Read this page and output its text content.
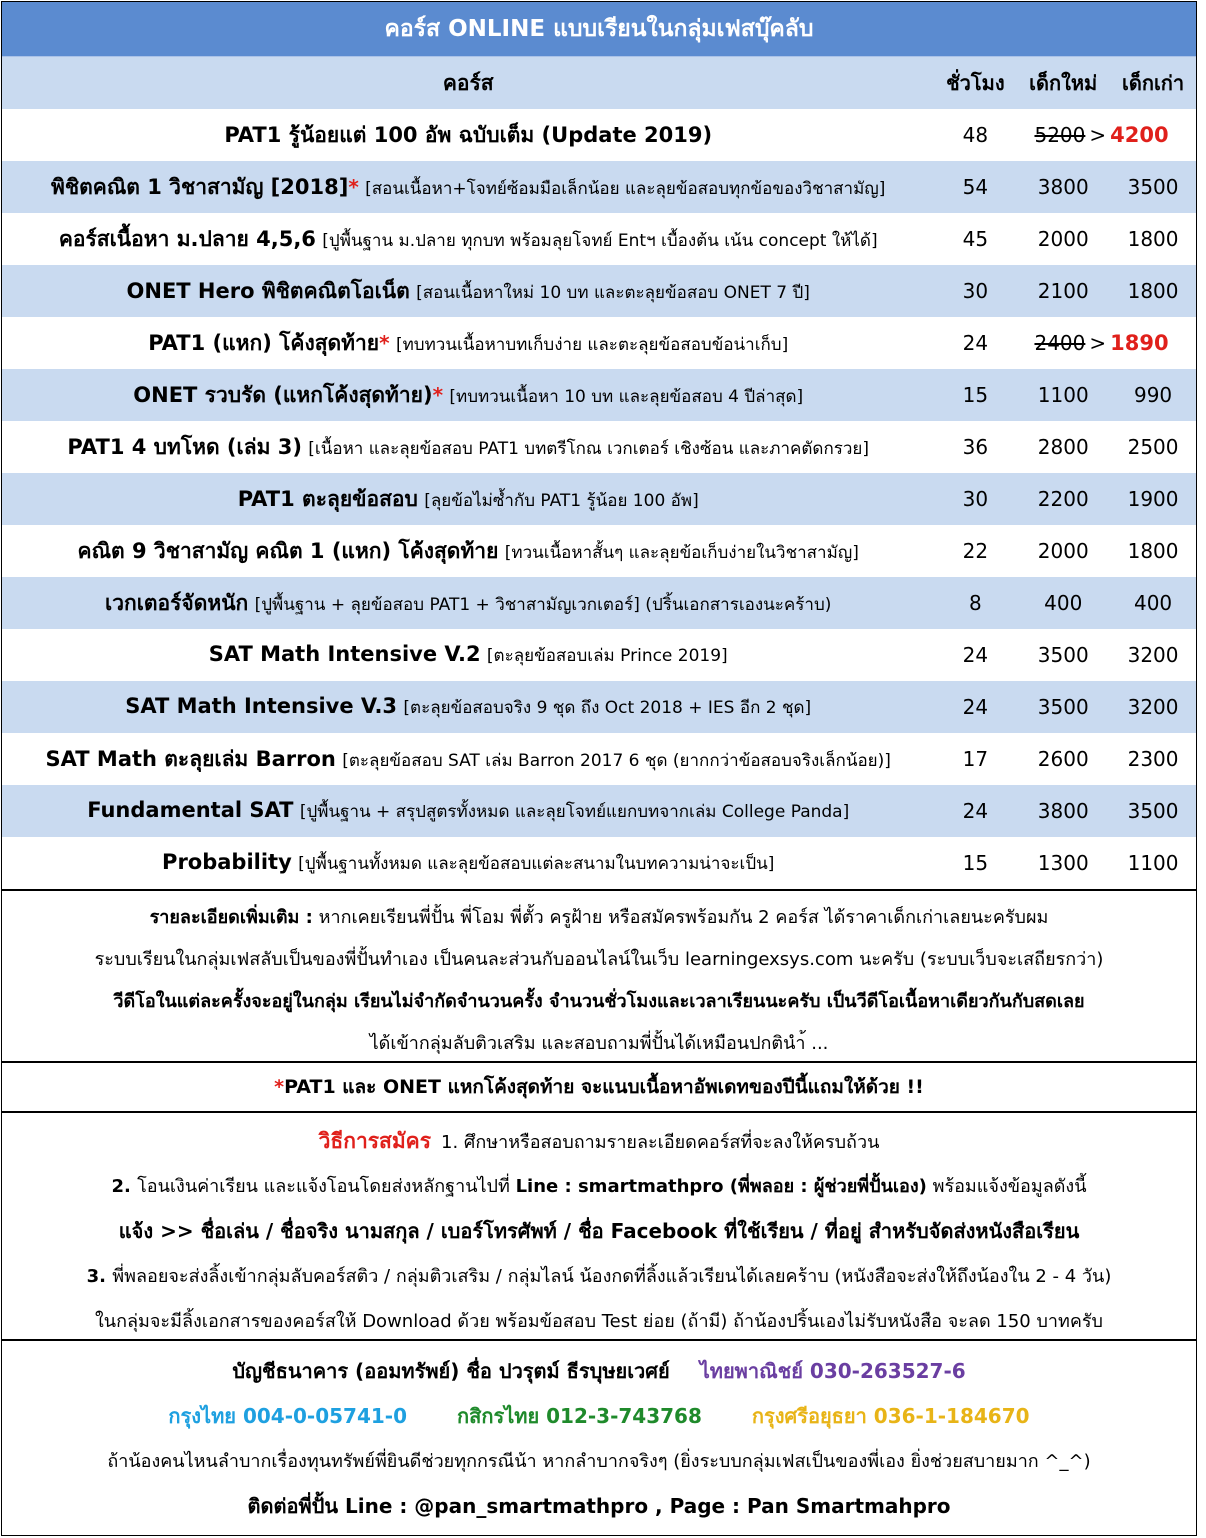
คอร์ส ONLINE แบบเรียนในกลุ่มเฟสบุ๊คลับ
คอร์ส	ชั่วโมง	เด็กใหม่	เด็กเก่า
PAT1 รู้น้อยแต่ 100 อัพ ฉบับเต็ม (Update 2019)	48	5200 > 4200
พิชิตคณิต 1 วิชาสามัญ [2018]* [สอนเนื้อหา+โจทย์ซ้อมมือเล็กน้อย และลุยข้อสอบทุกข้อของวิชาสามัญ]	54	3800	3500
คอร์สเนื้อหา ม.ปลาย 4,5,6 [ปูพื้นฐาน ม.ปลาย ทุกบท พร้อมลุยโจทย์ Entฯ เบื้องต้น เน้น concept ให้ได้]	45	2000	1800
ONET Hero พิชิตคณิตโอเน็ต [สอนเนื้อหาใหม่ 10 บท และตะลุยข้อสอบ ONET 7 ปี]	30	2100	1800
PAT1 (แหก) โค้งสุดท้าย* [ทบทวนเนื้อหาบทเก็บง่าย และตะลุยข้อสอบข้อน่าเก็บ]	24	2400 > 1890
ONET รวบรัด (แหกโค้งสุดท้าย)* [ทบทวนเนื้อหา 10 บท และลุยข้อสอบ 4 ปีล่าสุด]	15	1100	990
PAT1 4 บทโหด (เล่ม 3) [เนื้อหา และลุยข้อสอบ PAT1 บทตรีโกณ เวกเตอร์ เชิงซ้อน และภาคตัดกรวย]	36	2800	2500
PAT1 ตะลุยข้อสอบ [ลุยข้อไม่ซ้ำกับ PAT1 รู้น้อย 100 อัพ]	30	2200	1900
คณิต 9 วิชาสามัญ คณิต 1 (แหก) โค้งสุดท้าย [ทวนเนื้อหาสั้นๆ และลุยข้อเก็บง่ายในวิชาสามัญ]	22	2000	1800
เวกเตอร์จัดหนัก [ปูพื้นฐาน + ลุยข้อสอบ PAT1 + วิชาสามัญเวกเตอร์] (ปริ้นเอกสารเองนะคร้าบ)	8	400	400
SAT Math Intensive V.2 [ตะลุยข้อสอบเล่ม Prince 2019]	24	3500	3200
SAT Math Intensive V.3 [ตะลุยข้อสอบจริง 9 ชุด ถึง Oct 2018 + IES อีก 2 ชุด]	24	3500	3200
SAT Math ตะลุยเล่ม Barron [ตะลุยข้อสอบ SAT เล่ม Barron 2017 6 ชุด (ยากกว่าข้อสอบจริงเล็กน้อย)]	17	2600	2300
Fundamental SAT [ปูพื้นฐาน + สรุปสูตรทั้งหมด และลุยโจทย์แยกบทจากเล่ม College Panda]	24	3800	3500
Probability [ปูพื้นฐานทั้งหมด และลุยข้อสอบแต่ละสนามในบทความน่าจะเป็น]	15	1300	1100
รายละเอียดเพิ่มเติม : หากเคยเรียนพี่ปั้น พี่โอม พี่ตั้ว ครูฝ้าย หรือสมัครพร้อมกัน 2 คอร์ส ได้ราคาเด็กเก่าเลยนะครับผม
ระบบเรียนในกลุ่มเฟสลับเป็นของพี่ปั้นทำเอง เป็นคนละส่วนกับออนไลน์ในเว็บ learningexsys.com นะครับ (ระบบเว็บจะเสถียรกว่า)
วีดีโอในแต่ละครั้งจะอยู่ในกลุ่ม เรียนไม่จำกัดจำนวนครั้ง จำนวนชั่วโมงและเวลาเรียนนะครับ เป็นวีดีโอเนื้อหาเดียวกันกับสดเลย
ได้เข้ากลุ่มลับติวเสริม และสอบถามพี่ปั้นได้เหมือนปกตินำ้ ...
*PAT1 และ ONET แหกโค้งสุดท้าย จะแนบเนื้อหาอัพเดทของปีนี้แถมให้ด้วย !!
วิธีการสมัคร 1. ศึกษาหรือสอบถามรายละเอียดคอร์สที่จะลงให้ครบถ้วน
2. โอนเงินค่าเรียน และแจ้งโอนโดยส่งหลักฐานไปที่ Line : smartmathpro (พี่พลอย : ผู้ช่วยพี่ปั้นเอง) พร้อมแจ้งข้อมูลดังนี้
แจ้ง >> ชื่อเล่น / ชื่อจริง นามสกุล / เบอร์โทรศัพท์ / ชื่อ Facebook ที่ใช้เรียน / ที่อยู่ สำหรับจัดส่งหนังสือเรียน
3. พี่พลอยจะส่งลิ้งเข้ากลุ่มลับคอร์สติว / กลุ่มติวเสริม / กลุ่มไลน์ น้องกดที่ลิ้งแล้วเรียนได้เลยคร้าบ (หนังสือจะส่งให้ถึงน้องใน 2 - 4 วัน)
ในกลุ่มจะมีลิ้งเอกสารของคอร์สให้ Download ด้วย พร้อมข้อสอบ Test ย่อย (ถ้ามี) ถ้าน้องปริ้นเองไม่รับหนังสือ จะลด 150 บาทครับ
บัญชีธนาคาร (ออมทรัพย์) ชื่อ ปวรุตม์ ธีรบุษยเวศย์ ไทยพาณิชย์ 030-263527-6
กรุงไทย 004-0-05741-0	กสิกรไทย 012-3-743768	กรุงศรีอยุธยา 036-1-184670
ถ้าน้องคนไหนลำบากเรื่องทุนทรัพย์พี่ยินดีช่วยทุกกรณีน้า หากลำบากจริงๆ (ยิ่งระบบกลุ่มเฟสเป็นของพี่เอง ยิ่งช่วยสบายมาก ^_^)
ติดต่อพี่ปั้น Line : @pan_smartmathpro , Page : Pan Smartmahpro
